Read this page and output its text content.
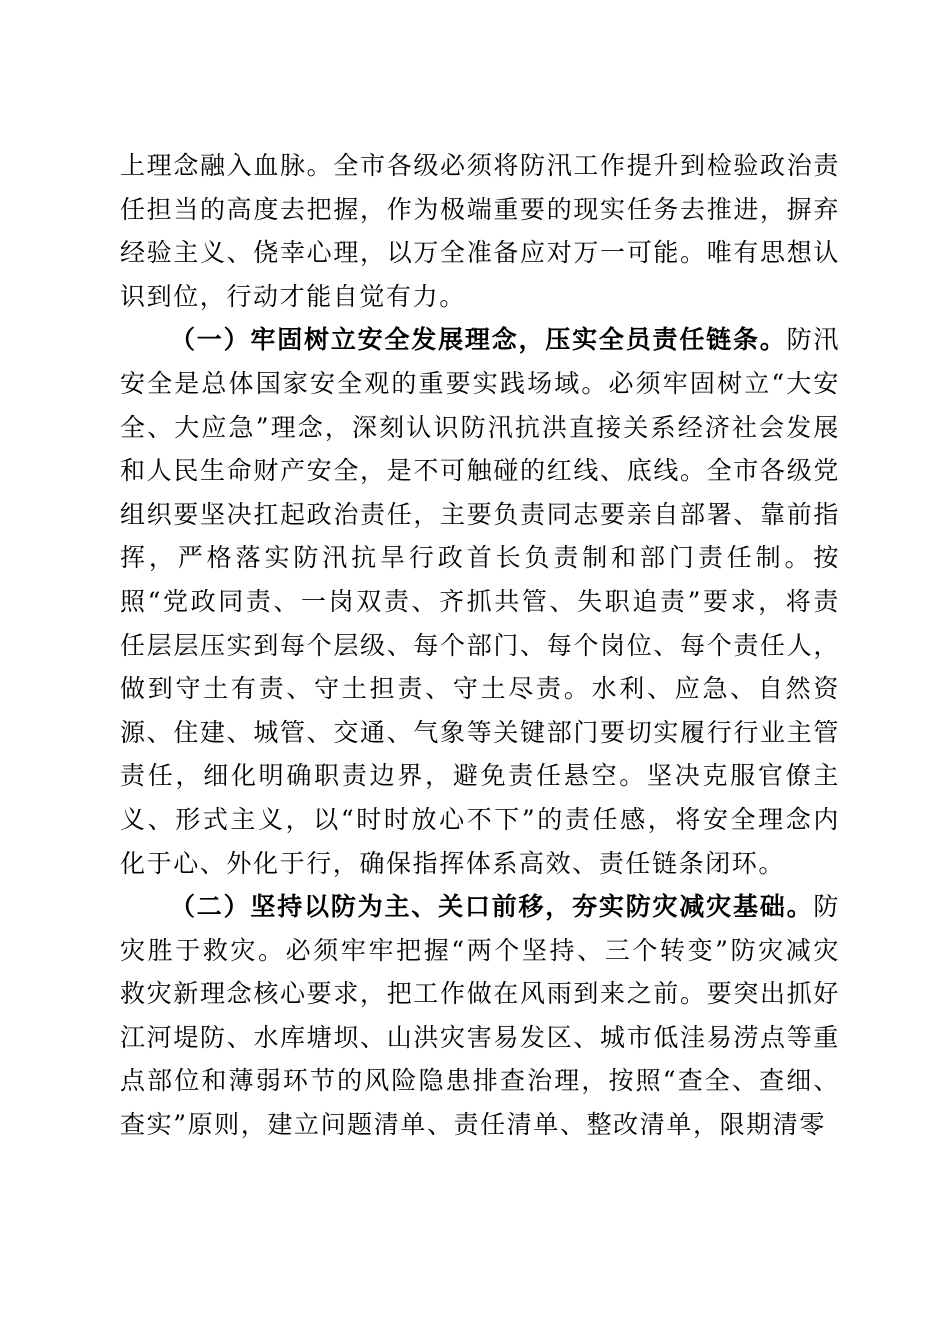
上理念融入血脉。全市各级必须将防汛工作提升到检验政治责任担当的高度去把握，作为极端重要的现实任务去推进，摒弃经验主义、侥幸心理，以万全准备应对万一可能。唯有思想认识到位，行动才能自觉有力。

（一）牢固树立安全发展理念，压实全员责任链条。防汛安全是总体国家安全观的重要实践场域。必须牢固树立“大安全、大应急”理念，深刻认识防汛抗洪直接关系经济社会发展和人民生命财产安全，是不可触碰的红线、底线。全市各级党组织要坚决扛起政治责任，主要负责同志要亲自部署、靠前指挥，严格落实防汛抗旱行政首长负责制和部门责任制。按照“党政同责、一岗双责、齐抓共管、失职追责”要求，将责任层层压实到每个层级、每个部门、每个岗位、每个责任人，做到守土有责、守土担责、守土尽责。水利、应急、自然资源、住建、城管、交通、气象等关键部门要切实履行行业主管责任，细化明确职责边界，避免责任悬空。坚决克服官僚主义、形式主义，以“时时放心不下”的责任感，将安全理念内化于心、外化于行，确保指挥体系高效、责任链条闭环。

（二）坚持以防为主、关口前移，夯实防灾减灾基础。防灾胜于救灾。必须牢牢把握“两个坚持、三个转变”防灾减灾救灾新理念核心要求，把工作做在风雨到来之前。要突出抓好江河堤防、水库塘坝、山洪灾害易发区、城市低洼易涝点等重点部位和薄弱环节的风险隐患排查治理，按照“查全、查细、查实”原则，建立问题清单、责任清单、整改清单，限期清零
